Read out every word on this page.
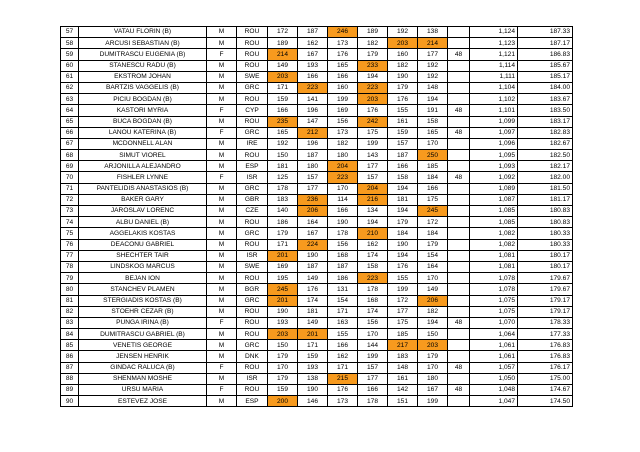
57	VATAU FLORIN (B)	M	ROU	172	187	246	189	192	138		1,124	187.33
58	ARCUSI SEBASTIAN (B)	M	ROU	189	162	173	182	203	214		1,123	187.17
59	DUMITRASCU EUGENIA (B)	F	ROU	214	167	176	179	160	177	48	1,121	186.83
60	STANESCU RADU (B)	M	ROU	149	193	165	233	182	192		1,114	185.67
61	EKSTROM JOHAN	M	SWE	203	166	166	194	190	192		1,111	185.17
62	BARTZIS VAGGELIS (B)	M	GRC	171	223	160	223	179	148		1,104	184.00
63	PICIU BOGDAN (B)	M	ROU	159	141	199	203	176	194		1,102	183.67
64	KASTORI MYRIA	F	CYP	166	196	169	176	155	191	48	1,101	183.50
65	BUCA BOGDAN (B)	M	ROU	235	147	156	242	161	158		1,099	183.17
66	LANOU KATERINA (B)	F	GRC	165	212	173	175	159	165	48	1,097	182.83
67	MCDONNELL ALAN	M	IRE	192	196	182	199	157	170		1,096	182.67
68	SIMUT VIOREL	M	ROU	150	187	180	143	187	250		1,095	182.50
69	ARJONILLA ALEJANDRO	M	ESP	181	180	204	177	166	185		1,093	182.17
70	FISHLER LYNNE	F	ISR	125	157	223	157	158	184	48	1,092	182.00
71	PANTELIDIS ANASTASIOS (B)	M	GRC	178	177	170	204	194	166		1,089	181.50
72	BAKER GARY	M	GBR	183	236	114	216	181	175		1,087	181.17
73	JAROSLAV LORENC	M	CZE	140	206	166	134	194	245		1,085	180.83
74	ALBU DANIEL (B)	M	ROU	186	164	190	194	179	172		1,085	180.83
75	AGGELAKIS KOSTAS	M	GRC	179	167	178	210	184	184		1,082	180.33
76	DEACONU GABRIEL	M	ROU	171	224	156	162	190	179		1,082	180.33
77	SHECHTER TAIR	M	ISR	201	190	168	174	194	154		1,081	180.17
78	LINDSKOG MARCUS	M	SWE	169	187	187	158	176	164		1,081	180.17
79	BEJAN ION	M	ROU	195	149	186	223	155	170		1,078	179.67
80	STANCHEV PLAMEN	M	BGR	245	176	131	178	199	149		1,078	179.67
81	STERGIADIS KOSTAS (B)	M	GRC	201	174	154	168	172	206		1,075	179.17
82	STOEHR CEZAR (B)	M	ROU	190	181	171	174	177	182		1,075	179.17
83	PUNGA IRINA (B)	F	ROU	193	149	163	156	175	194	48	1,070	178.33
84	DUMITRASCU GABRIEL (B)	M	ROU	203	201	155	170	185	150		1,064	177.33
85	VENETIS GEORGE	M	GRC	150	171	166	144	217	203		1,061	176.83
86	JENSEN HENRIK	M	DNK	179	159	162	199	183	179		1,061	176.83
87	GINDAC RALUCA (B)	F	ROU	170	193	171	157	148	170	48	1,057	176.17
88	SHENMAN MOSHE	M	ISR	179	138	215	177	161	180		1,050	175.00
89	URSU MARIA	F	ROU	159	190	176	166	142	167	48	1,048	174.67
90	ESTEVEZ JOSE	M	ESP	200	146	173	178	151	199		1,047	174.50
